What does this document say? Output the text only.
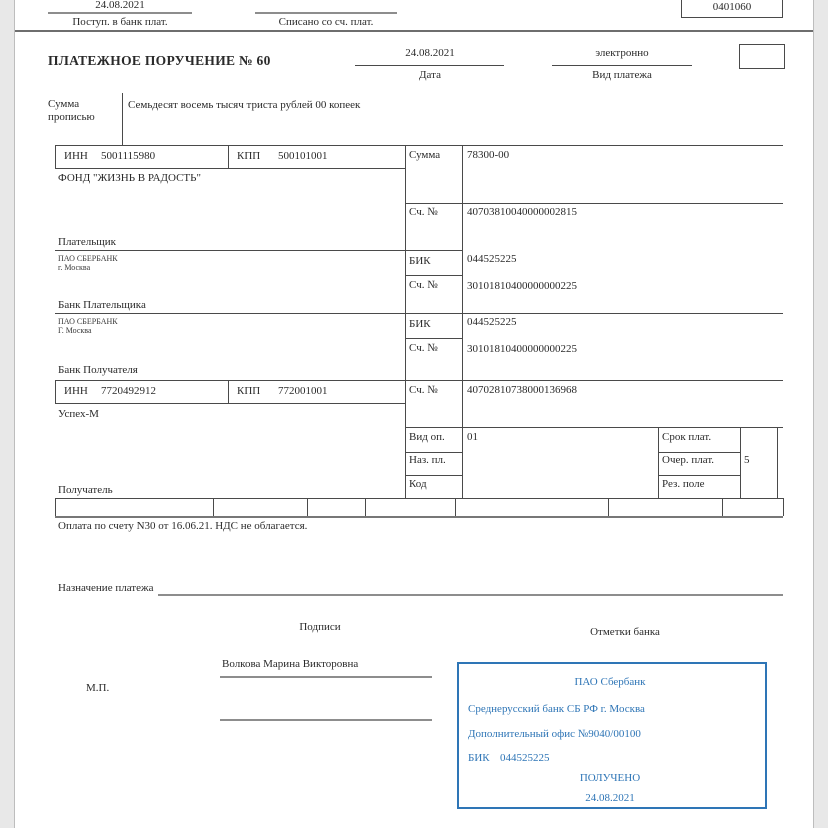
24.08.2021
Поступ. в банк плат.	Списано со сч. плат.
0401060
ПЛАТЕЖНОЕ ПОРУЧЕНИЕ № 60	24.08.2021
Дата
электронно
Вид платежа
Сумма прописью
Семьдесят восемь тысяч триста рублей 00 копеек
ИНН 5001115980	КПП 500101001
ФОНД "ЖИЗНЬ В РАДОСТЬ"
Плательщик
ПАО СБЕРБАНК
г. Москва
Банк Плательщика
ПАО СБЕРБАНК
Г. Москва
Банк Получателя
ИНН 7720492912	КПП 772001001
Успех-М
Получатель
Сумма 78300-00
Сч. №	40703810040000002815
БИК	044525225
Сч. №	30101810400000000225
БИК	044525225
Сч. №	30101810400000000225
Сч. №	40702810738000136968
Вид оп. 01
Наз. пл.
Код
Срок плат.
Очер. плат.	5
Рез. поле
Оплата по счету N30 от 16.06.21. НДС не облагается.
Назначение платежа
Подписи	Отметки банка
Волкова Марина Викторовна
М.П.	ПАО Сбербанк
Среднерусский банк СБ РФ г. Москва
Дополнительный офис №9040/00100
БИК 044525225
ПОЛУЧЕНО
24.08.2021
